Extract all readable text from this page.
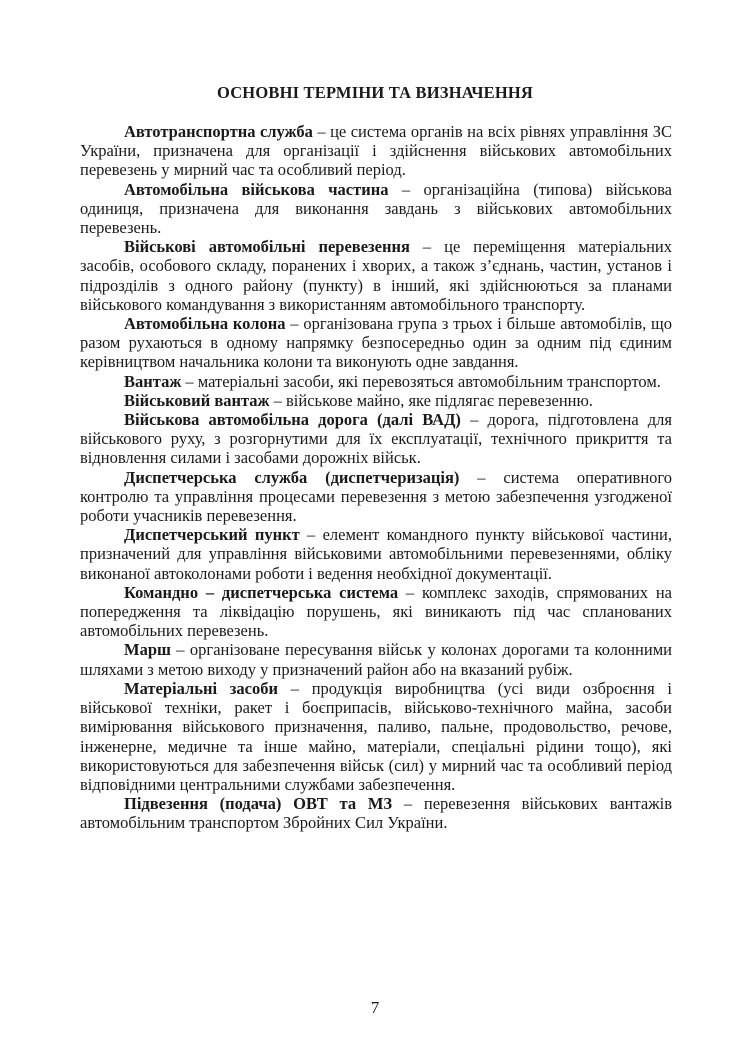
ОСНОВНІ ТЕРМІНИ ТА ВИЗНАЧЕННЯ

Автотранспортна служба – це система органів на всіх рівнях управління ЗС України, призначена для організації і здійснення військових автомобільних перевезень у мирний час та особливий період.

Автомобільна військова частина – організаційна (типова) військова одиниця, призначена для виконання завдань з військових автомобільних перевезень.

Військові автомобільні перевезення – це переміщення матеріальних засобів, особового складу, поранених і хворих, а також з’єднань, частин, установ і підрозділів з одного району (пункту) в інший, які здійснюються за планами військового командування з використанням автомобільного транспорту.

Автомобільна колона – організована група з трьох і більше автомобілів, що разом рухаються в одному напрямку безпосередньо один за одним під єдиним керівництвом начальника колони та виконують одне завдання.

Вантаж – матеріальні засоби, які перевозяться автомобільним транспортом.

Військовий вантаж – військове майно, яке підлягає перевезенню.

Військова автомобільна дорога (далі ВАД) – дорога, підготовлена для військового руху, з розгорнутими для їх експлуатації, технічного прикриття та відновлення силами і засобами дорожніх військ.

Диспетчерська служба (диспетчеризація) – система оперативного контролю та управління процесами перевезення з метою забезпечення узгодженої роботи учасників перевезення.

Диспетчерський пункт – елемент командного пункту військової частини, призначений для управління військовими автомобільними перевезеннями, обліку виконаної автоколонами роботи і ведення необхідної документації.

Командно – диспетчерська система – комплекс заходів, спрямованих на попередження та ліквідацію порушень, які виникають під час спланованих автомобільних перевезень.

Марш – організоване пересування військ у колонах дорогами та колонними шляхами з метою виходу у призначений район або на вказаний рубіж.

Матеріальні засоби – продукція виробництва (усі види озброєння і військової техніки, ракет і боєприпасів, військово-технічного майна, засоби вимірювання військового призначення, паливо, пальне, продовольство, речове, інженерне, медичне та інше майно, матеріали, спеціальні рідини тощо), які використовуються для забезпечення військ (сил) у мирний час та особливий період відповідними центральними службами забезпечення.

Підвезення (подача) ОВТ та МЗ – перевезення військових вантажів автомобільним транспортом Збройних Сил України.

7
